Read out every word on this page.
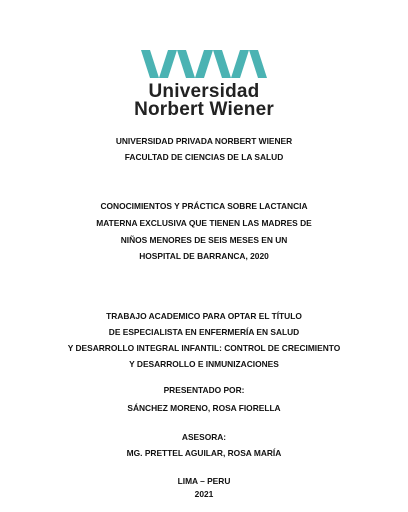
Universidad
Norbert Wiener
UNIVERSIDAD PRIVADA NORBERT WIENER
FACULTAD DE CIENCIAS DE LA SALUD
CONOCIMIENTOS Y PRÁCTICA SOBRE LACTANCIA
MATERNA EXCLUSIVA QUE TIENEN LAS MADRES DE
NIÑOS MENORES DE SEIS MESES EN UN
HOSPITAL DE BARRANCA, 2020
TRABAJO ACADEMICO PARA OPTAR EL TÍTULO
DE ESPECIALISTA EN ENFERMERÍA EN SALUD
Y DESARROLLO INTEGRAL INFANTIL: CONTROL DE CRECIMIENTO
Y DESARROLLO E INMUNIZACIONES
PRESENTADO POR:
SÁNCHEZ MORENO, ROSA FIORELLA
ASESORA:
MG. PRETTEL AGUILAR, ROSA MARÍA
LIMA – PERU
2021
